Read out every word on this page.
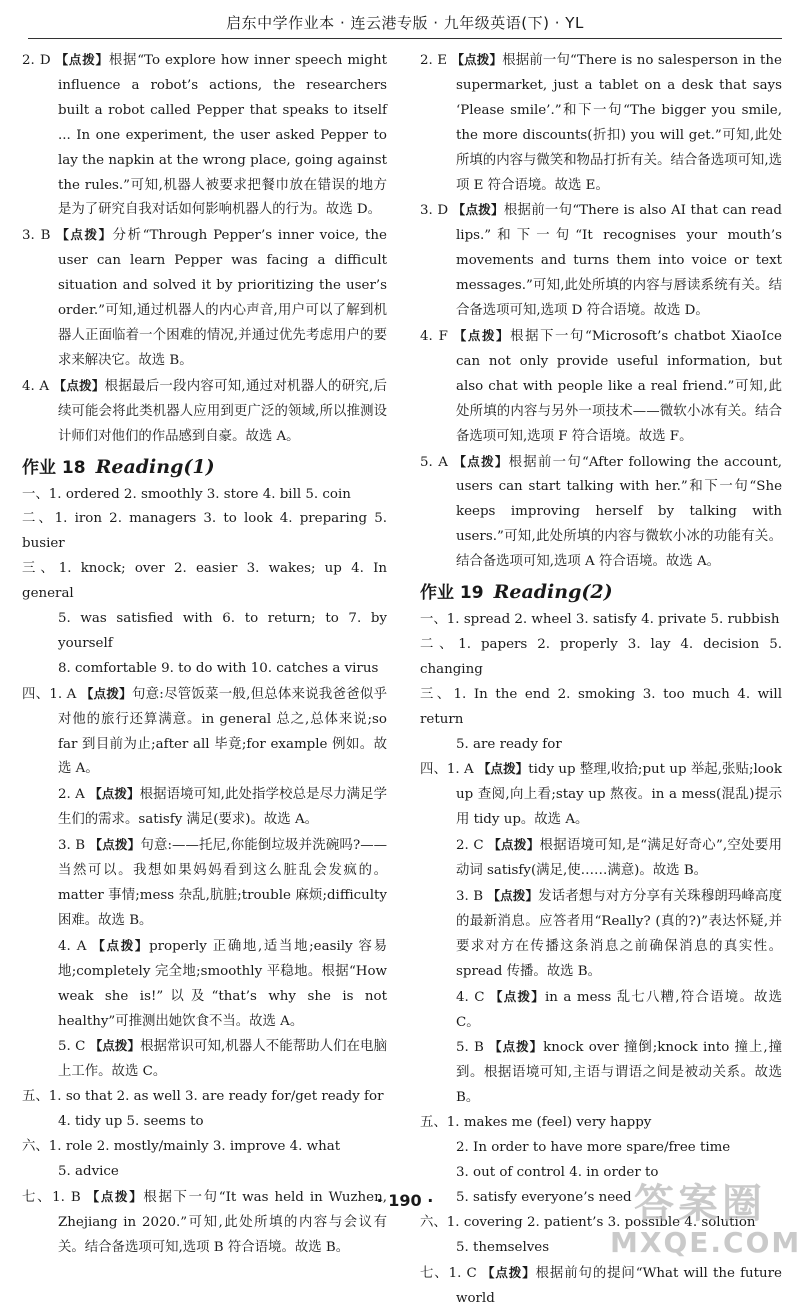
启东中学作业本 · 连云港专版 · 九年级英语(下) · YL

2. D 【点拨】根据“To explore how inner speech might influence a robot’s actions, the researchers built a robot called Pepper that speaks to itself ... In one experiment, the user asked Pepper to lay the napkin at the wrong place, going against the rules.”可知,机器人被要求把餐巾放在错误的地方是为了研究自我对话如何影响机器人的行为。故选 D。

3. B 【点拨】分析“Through Pepper’s inner voice, the user can learn Pepper was facing a difficult situation and solved it by prioritizing the user’s order.”可知,通过机器人的内心声音,用户可以了解到机器人正面临着一个困难的情况,并通过优先考虑用户的要求来解决它。故选 B。

4. A 【点拨】根据最后一段内容可知,通过对机器人的研究,后续可能会将此类机器人应用到更广泛的领域,所以推测设计师们对他们的作品感到自豪。故选 A。

作业 18 Reading(1)

一、1. ordered 2. smoothly 3. store 4. bill 5. coin

二、1. iron 2. managers 3. to look 4. preparing 5. busier

三、1. knock; over 2. easier 3. wakes; up 4. In general

5. was satisfied with 6. to return; to 7. by yourself

8. comfortable 9. to do with 10. catches a virus

四、1. A 【点拨】句意:尽管饭菜一般,但总体来说我爸爸似乎对他的旅行还算满意。in general 总之,总体来说;so far 到目前为止;after all 毕竟;for example 例如。故选 A。

2. A 【点拨】根据语境可知,此处指学校总是尽力满足学生们的需求。satisfy 满足(要求)。故选 A。

3. B 【点拨】句意:——托尼,你能倒垃圾并洗碗吗?——当然可以。我想如果妈妈看到这么脏乱会发疯的。matter 事情;mess 杂乱,肮脏;trouble 麻烦;difficulty 困难。故选 B。

4. A 【点拨】properly 正确地,适当地;easily 容易地;completely 完全地;smoothly 平稳地。根据“How weak she is!”以及“that’s why she is not healthy”可推测出她饮食不当。故选 A。

5. C 【点拨】根据常识可知,机器人不能帮助人们在电脑上工作。故选 C。

五、1. so that 2. as well 3. are ready for/get ready for

4. tidy up 5. seems to

六、1. role 2. mostly/mainly 3. improve 4. what

5. advice

七、1. B 【点拨】根据下一句“It was held in Wuzhen, Zhejiang in 2020.”可知,此处所填的内容与会议有关。结合备选项可知,选项 B 符合语境。故选 B。

2. E 【点拨】根据前一句“There is no salesperson in the supermarket, just a tablet on a desk that says ‘Please smile’.”和下一句“The bigger you smile, the more discounts(折扣) you will get.”可知,此处所填的内容与微笑和物品打折有关。结合备选项可知,选项 E 符合语境。故选 E。

3. D 【点拨】根据前一句“There is also AI that can read lips.”和下一句“It recognises your mouth’s movements and turns them into voice or text messages.”可知,此处所填的内容与唇读系统有关。结合备选项可知,选项 D 符合语境。故选 D。

4. F 【点拨】根据下一句“Microsoft’s chatbot XiaoIce can not only provide useful information, but also chat with people like a real friend.”可知,此处所填的内容与另外一项技术——微软小冰有关。结合备选项可知,选项 F 符合语境。故选 F。

5. A 【点拨】根据前一句“After following the account, users can start talking with her.”和下一句“She keeps improving herself by talking with users.”可知,此处所填的内容与微软小冰的功能有关。结合备选项可知,选项 A 符合语境。故选 A。

作业 19 Reading(2)

一、1. spread 2. wheel 3. satisfy 4. private 5. rubbish

二、1. papers 2. properly 3. lay 4. decision 5. changing

三、1. In the end 2. smoking 3. too much 4. will return

5. are ready for

四、1. A 【点拨】tidy up 整理,收拾;put up 举起,张贴;look up 查阅,向上看;stay up 熬夜。in a mess(混乱)提示用 tidy up。故选 A。

2. C 【点拨】根据语境可知,是“满足好奇心”,空处要用动词 satisfy(满足,使……满意)。故选 B。

3. B 【点拨】发话者想与对方分享有关珠穆朗玛峰高度的最新消息。应答者用“Really? (真的?)”表达怀疑,并要求对方在传播这条消息之前确保消息的真实性。spread 传播。故选 B。

4. C 【点拨】in a mess 乱七八糟,符合语境。故选 C。

5. B 【点拨】knock over 撞倒;knock into 撞上,撞到。根据语境可知,主语与谓语之间是被动关系。故选 B。

五、1. makes me (feel) very happy

2. In order to have more spare/free time

3. out of control 4. in order to

5. satisfy everyone’s need

六、1. covering 2. patient’s 3. possible 4. solution

5. themselves

七、1. C 【点拨】根据前句的提问“What will the future world

· 190 ·	答案圈
MXQE.COM
